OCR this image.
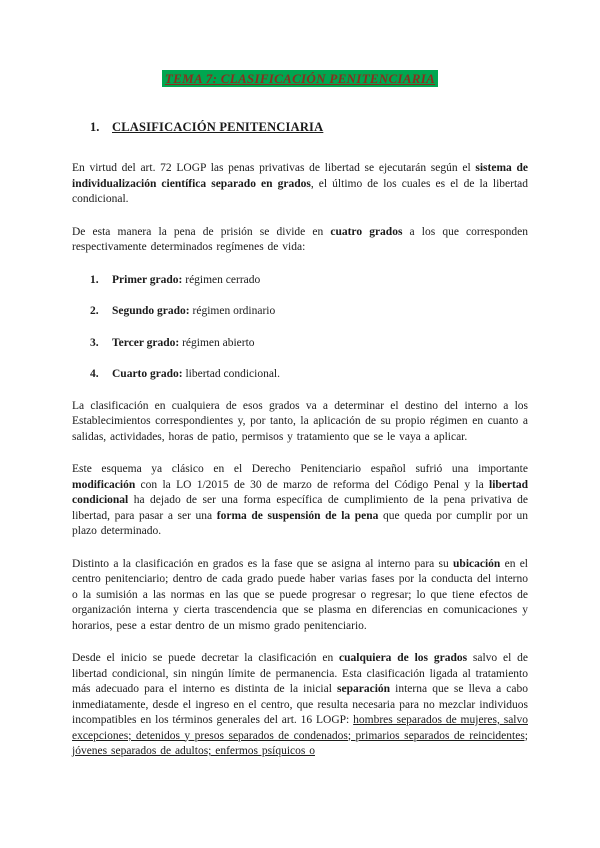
TEMA 7: CLASIFICACIÓN PENITENCIARIA
1. CLASIFICACIÓN PENITENCIARIA

En virtud del art. 72 LOGP las penas privativas de libertad se ejecutarán según el sistema de individualización científica separado en grados, el último de los cuales es el de la libertad condicional.

De esta manera la pena de prisión se divide en cuatro grados a los que corresponden respectivamente determinados regímenes de vida:

1.	Primer grado: régimen cerrado
2.	Segundo grado: régimen ordinario
3.	Tercer grado: régimen abierto
4.	Cuarto grado: libertad condicional.

La clasificación en cualquiera de esos grados va a determinar el destino del interno a los Establecimientos correspondientes y, por tanto, la aplicación de su propio régimen en cuanto a salidas, actividades, horas de patio, permisos y tratamiento que se le vaya a aplicar.

Este esquema ya clásico en el Derecho Penitenciario español sufrió una importante modificación con la LO 1/2015 de 30 de marzo de reforma del Código Penal y la libertad condicional ha dejado de ser una forma específica de cumplimiento de la pena privativa de libertad, para pasar a ser una forma de suspensión de la pena que queda por cumplir por un plazo determinado.

Distinto a la clasificación en grados es la fase que se asigna al interno para su ubicación en el centro penitenciario; dentro de cada grado puede haber varias fases por la conducta del interno o la sumisión a las normas en las que se puede progresar o regresar; lo que tiene efectos de organización interna y cierta trascendencia que se plasma en diferencias en comunicaciones y horarios, pese a estar dentro de un mismo grado penitenciario.

Desde el inicio se puede decretar la clasificación en cualquiera de los grados salvo el de libertad condicional, sin ningún límite de permanencia. Esta clasificación ligada al tratamiento más adecuado para el interno es distinta de la inicial separación interna que se lleva a cabo inmediatamente, desde el ingreso en el centro, que resulta necesaria para no mezclar individuos incompatibles en los términos generales del art. 16 LOGP: hombres separados de mujeres, salvo excepciones; detenidos y presos separados de condenados; primarios separados de reincidentes; jóvenes separados de adultos; enfermos psíquicos o
